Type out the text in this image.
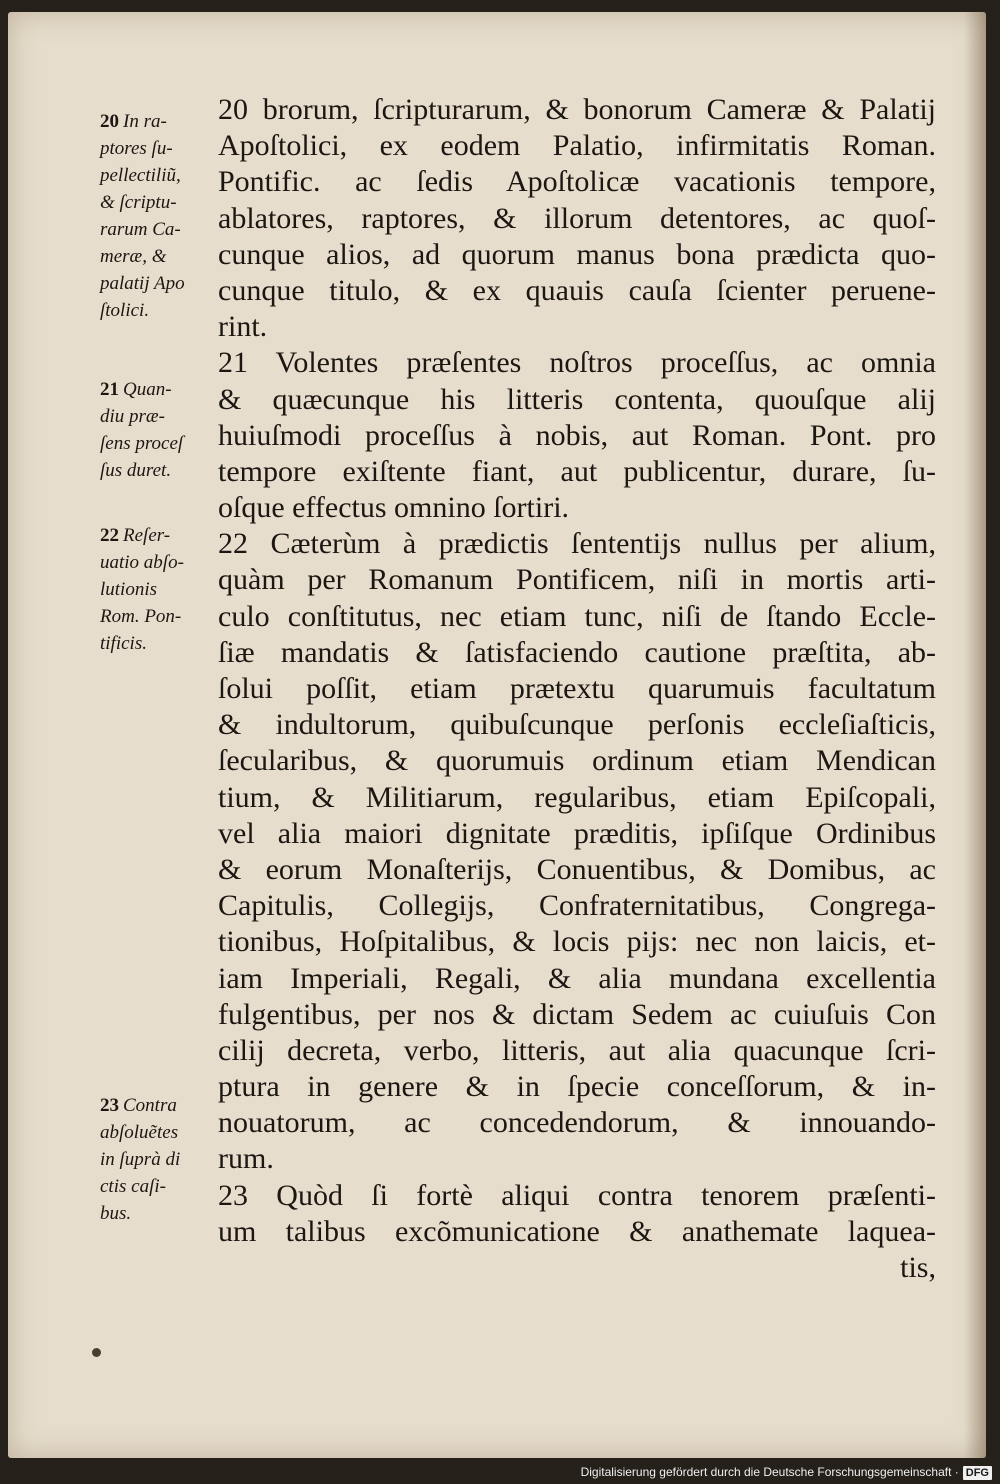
20 In ra-
ptores ſu-
pellectiliũ,
& ſcriptu-
rarum Ca-
meræ, &
palatij Apo
ſtolici.
21 Quan-
diu præ-
ſens proceſ
ſus duret.
22 Reſer-
uatio abſo-
lutionis
Rom. Pon-
tificis.
23 Contra
abſoluẽtes
in ſuprà di
ctis caſi-
bus.
20 brorum, ſcripturarum, & bonorum Cameræ & Palatij
Apoſtolici, ex eodem Palatio, infirmitatis Roman.
Pontific. ac ſedis Apoſtolicæ vacationis tempore,
ablatores, raptores, & illorum detentores, ac quoſ-
cunque alios, ad quorum manus bona prædicta quo-
cunque titulo, & ex quauis cauſa ſcienter peruene-
rint.
21 Volentes præſentes noſtros proceſſus, ac omnia
& quæcunque his litteris contenta, quouſque alij
huiuſmodi proceſſus à nobis, aut Roman. Pont. pro
tempore exiſtente fiant, aut publicentur, durare, ſu-
oſque effectus omnino ſortiri.
22 Cæterùm à prædictis ſententijs nullus per alium,
quàm per Romanum Pontificem, niſi in mortis arti-
culo conſtitutus, nec etiam tunc, niſi de ſtando Eccle-
ſiæ mandatis & ſatisfaciendo cautione præſtita, ab-
ſolui poſſit, etiam prætextu quarumuis facultatum
& indultorum, quibuſcunque perſonis eccleſiaſticis,
ſecularibus, & quorumuis ordinum etiam Mendican
tium, & Militiarum, regularibus, etiam Epiſcopali,
vel alia maiori dignitate præditis, ipſiſque Ordinibus
& eorum Monaſterijs, Conuentibus, & Domibus, ac
Capitulis, Collegijs, Confraternitatibus, Congrega-
tionibus, Hoſpitalibus, & locis pijs: nec non laicis, et-
iam Imperiali, Regali, & alia mundana excellentia
fulgentibus, per nos & dictam Sedem ac cuiuſuis Con
cilij decreta, verbo, litteris, aut alia quacunque ſcri-
ptura in genere & in ſpecie conceſſorum, & in-
nouatorum, ac concedendorum, & innouando-
rum.
23 Quòd ſi fortè aliqui contra tenorem præſenti-
um talibus excõmunicatione & anathemate laquea-
tis,
Digitalisierung gefördert durch die Deutsche Forschungsgemeinschaft · DFG
